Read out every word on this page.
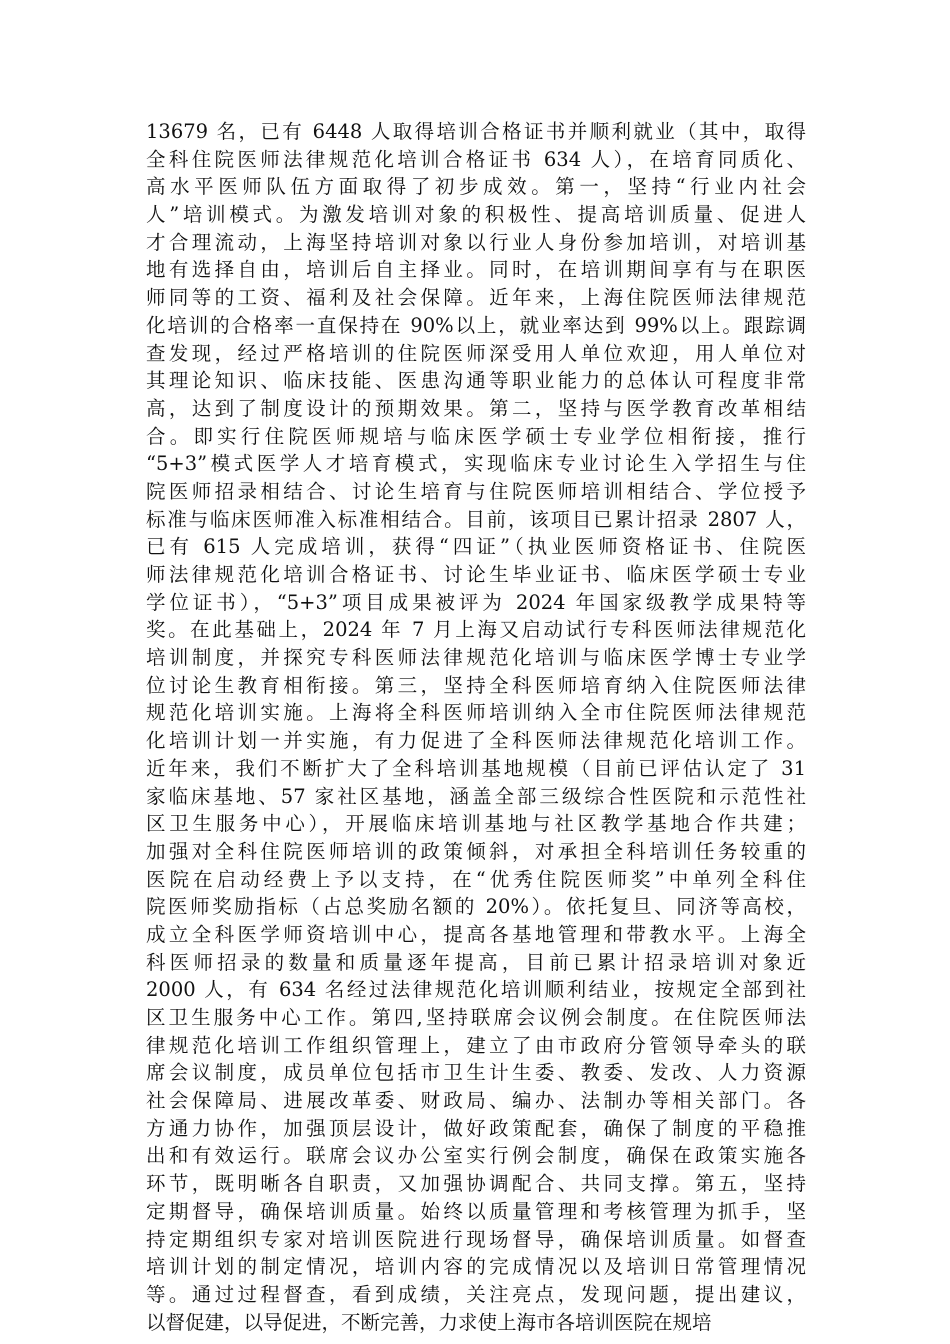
13679 名，已有 6448 人取得培训合格证书并顺利就业（其中，取得
全科住院医师法律规范化培训合格证书 634 人），在培育同质化、
高水平医师队伍方面取得了初步成效。第一，坚持“行业内社会
人”培训模式。为激发培训对象的积极性、提高培训质量、促进人
才合理流动，上海坚持培训对象以行业人身份参加培训，对培训基
地有选择自由，培训后自主择业。同时，在培训期间享有与在职医
师同等的工资、福利及社会保障。近年来，上海住院医师法律规范
化培训的合格率一直保持在 90%以上，就业率达到 99%以上。跟踪调
查发现，经过严格培训的住院医师深受用人单位欢迎，用人单位对
其理论知识、临床技能、医患沟通等职业能力的总体认可程度非常
高，达到了制度设计的预期效果。第二，坚持与医学教育改革相结
合。即实行住院医师规培与临床医学硕士专业学位相衔接，推行
“5+3”模式医学人才培育模式，实现临床专业讨论生入学招生与住
院医师招录相结合、讨论生培育与住院医师培训相结合、学位授予
标准与临床医师准入标准相结合。目前，该项目已累计招录 2807 人，
已有 615 人完成培训，获得“四证”（执业医师资格证书、住院医
师法律规范化培训合格证书、讨论生毕业证书、临床医学硕士专业
学位证书），“5+3”项目成果被评为 2024 年国家级教学成果特等
奖。在此基础上，2024 年 7 月上海又启动试行专科医师法律规范化
培训制度，并探究专科医师法律规范化培训与临床医学博士专业学
位讨论生教育相衔接。第三，坚持全科医师培育纳入住院医师法律
规范化培训实施。上海将全科医师培训纳入全市住院医师法律规范
化培训计划一并实施，有力促进了全科医师法律规范化培训工作。
近年来，我们不断扩大了全科培训基地规模（目前已评估认定了 31
家临床基地、57 家社区基地，涵盖全部三级综合性医院和示范性社
区卫生服务中心），开展临床培训基地与社区教学基地合作共建；
加强对全科住院医师培训的政策倾斜，对承担全科培训任务较重的
医院在启动经费上予以支持，在“优秀住院医师奖”中单列全科住
院医师奖励指标（占总奖励名额的 20%）。依托复旦、同济等高校，
成立全科医学师资培训中心，提高各基地管理和带教水平。上海全
科医师招录的数量和质量逐年提高，目前已累计招录培训对象近
2000 人，有 634 名经过法律规范化培训顺利结业，按规定全部到社
区卫生服务中心工作。第四,坚持联席会议例会制度。在住院医师法
律规范化培训工作组织管理上，建立了由市政府分管领导牵头的联
席会议制度，成员单位包括市卫生计生委、教委、发改、人力资源
社会保障局、进展改革委、财政局、编办、法制办等相关部门。各
方通力协作，加强顶层设计，做好政策配套，确保了制度的平稳推
出和有效运行。联席会议办公室实行例会制度，确保在政策实施各
环节，既明晰各自职责，又加强协调配合、共同支撑。第五，坚持
定期督导，确保培训质量。始终以质量管理和考核管理为抓手，坚
持定期组织专家对培训医院进行现场督导，确保培训质量。如督查
培训计划的制定情况，培训内容的完成情况以及培训日常管理情况
等。通过过程督查，看到成绩，关注亮点，发现问题，提出建议，
以督促建，以导促进，不断完善，力求使上海市各培训医院在规培
